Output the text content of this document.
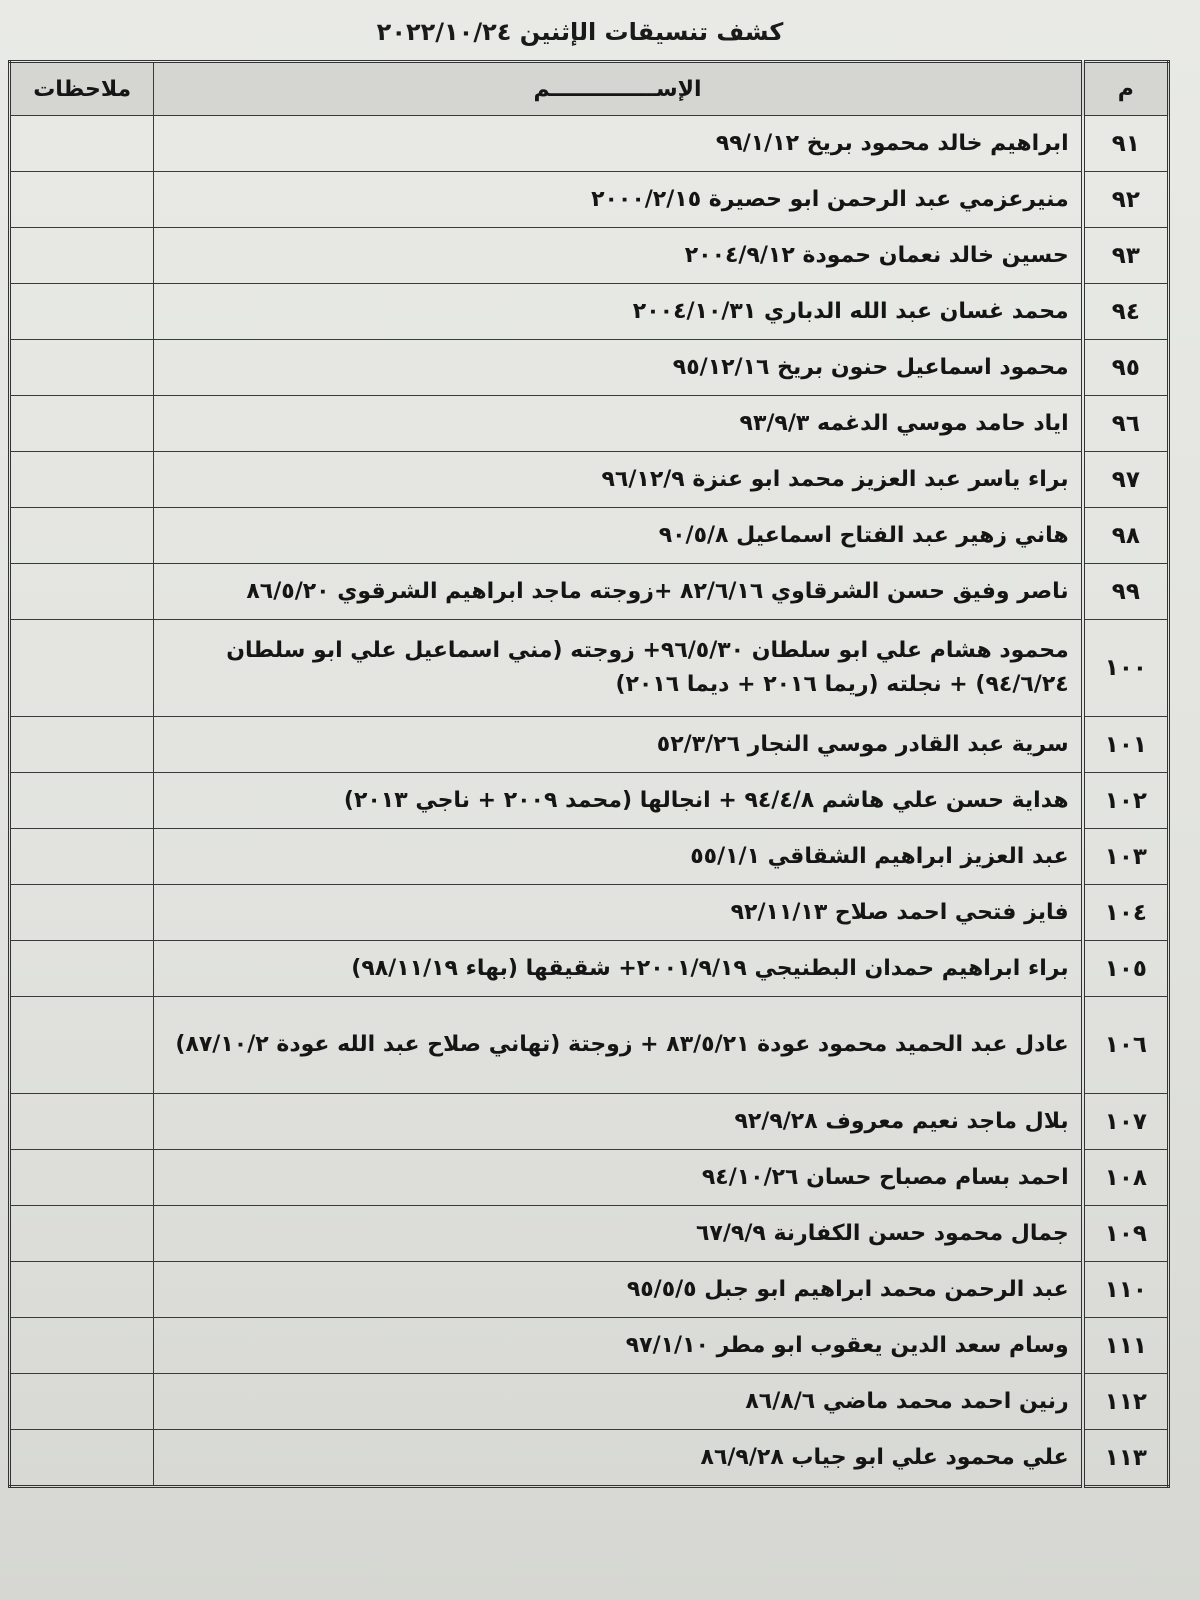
كشف تنسيقات الإثنين ٢٠٢٢/١٠/٢٤
م	الإســــــــــــــم	ملاحظات
٩١	ابراهيم خالد محمود بريخ ٩٩/١/١٢	
٩٢	منيرعزمي عبد الرحمن ابو حصيرة ٢٠٠٠/٢/١٥	
٩٣	حسين خالد نعمان حمودة ٢٠٠٤/٩/١٢	
٩٤	محمد غسان عبد الله الدباري ٢٠٠٤/١٠/٣١	
٩٥	محمود اسماعيل حنون بريخ ٩٥/١٢/١٦	
٩٦	اياد حامد موسي الدغمه ٩٣/٩/٣	
٩٧	براء ياسر عبد العزيز محمد ابو عنزة ٩٦/١٢/٩	
٩٨	هاني زهير عبد الفتاح اسماعيل ٩٠/٥/٨	
٩٩	ناصر وفيق حسن الشرقاوي ٨٢/٦/١٦ +زوجته ماجد ابراهيم الشرقوي ٨٦/٥/٢٠	
١٠٠	محمود هشام علي ابو سلطان ٩٦/٥/٣٠+ زوجته (مني اسماعيل علي ابو سلطان ٩٤/٦/٢٤) + نجلته (ريما ٢٠١٦ + ديما ٢٠١٦)	
١٠١	سرية عبد القادر موسي النجار ٥٢/٣/٢٦	
١٠٢	هداية حسن علي هاشم ٩٤/٤/٨ + انجالها (محمد ٢٠٠٩ + ناجي ٢٠١٣)	
١٠٣	عبد العزيز ابراهيم الشقاقي ٥٥/١/١	
١٠٤	فايز فتحي احمد صلاح ٩٢/١١/١٣	
١٠٥	براء ابراهيم حمدان البطنيجي ٢٠٠١/٩/١٩+ شقيقها (بهاء ٩٨/١١/١٩)	
١٠٦	عادل عبد الحميد محمود عودة ٨٣/٥/٢١ + زوجتة (تهاني صلاح عبد الله عودة ٨٧/١٠/٢)	
١٠٧	بلال ماجد نعيم معروف ٩٢/٩/٢٨	
١٠٨	احمد بسام مصباح حسان ٩٤/١٠/٢٦	
١٠٩	جمال محمود حسن الكفارنة ٦٧/٩/٩	
١١٠	عبد الرحمن محمد ابراهيم ابو جبل ٩٥/٥/٥	
١١١	وسام سعد الدين يعقوب ابو مطر ٩٧/١/١٠	
١١٢	رنين احمد محمد ماضي ٨٦/٨/٦	
١١٣	علي محمود علي ابو جياب ٨٦/٩/٢٨	
